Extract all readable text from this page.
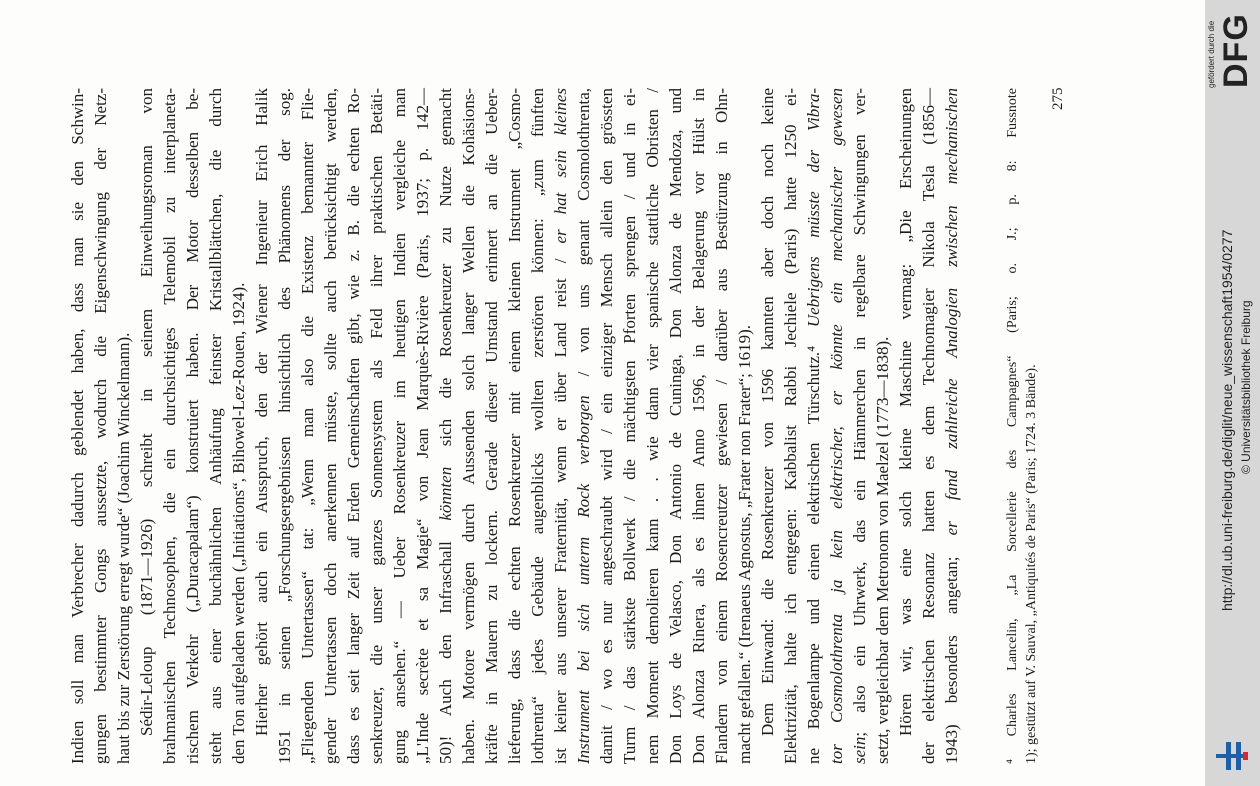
Indien soll man Verbrecher dadurch geblendet haben, dass man sie den Schwin- gungen bestimmter Gongs aussetzte, wodurch die Eigenschwingung der Netz- haut bis zur Zerstörung erregt wurde“ (Joachim Winckelmann). Sédir-Leloup (1871—1926) schreibt in seinem Einweihungsroman von brahmanischen Technosophen, die ein durchsichtiges Telemobil zu interplaneta- rischem Verkehr („Duracapalam“) konstruiert haben. Der Motor desselben be- steht aus einer buchähnlichen Anhäufung feinster Kristallblättchen, die durch den Ton aufgeladen werden („Initiations“, Bihowel-Lez-Rouen, 1924). Hierher gehört auch ein Ausspruch, den der Wiener Ingenieur Erich Halik 1951 in seinen „Forschungsergebnissen hinsichtlich des Phänomens der sog. „Fliegenden Untertassen“ tat: „Wenn man also die Existenz bemannter Flie- gender Untertassen doch anerkennen müsste, sollte auch berücksichtigt werden, dass es seit langer Zeit auf Erden Gemeinschaften gibt, wie z. B. die echten Ro- senkreuzer, die unser ganzes Sonnensystem als Feld ihrer praktischen Betäti- gung ansehen.“ — Ueber Rosenkreuzer im heutigen Indien vergleiche man „L'Inde secrète et sa Magie“ von Jean Marquès-Rivière (Paris, 1937; p. 142— 50)! Auch den Infraschall könnten sich die Rosenkreuzer zu Nutze gemacht haben. Motore vermögen durch Aussenden solch langer Wellen die Kohäsions- kräfte in Mauern zu lockern. Gerade dieser Umstand erinnert an die Ueber- lieferung, dass die echten Rosenkreuzer mit einem kleinen Instrument „Cosmo- lothrenta“ jedes Gebäude augenblicks wollten zerstören können: „zum fünften ist keiner aus unserer Fraternität, wenn er über Land reist / er hat sein kleines
Instrument bei sich unterm Rock verborgen / von uns genant Cosmolothrenta, damit / wo es nur angeschraubt wird / ein einziger Mensch allein den grössten Turm / das stärkste Bollwerk / die mächtigsten Pforten sprengen / und in ei- nem Moment demolieren kann . . wie dann vier spanische stattliche Obristen / Don Loys de Velasco, Don Antonio de Cuninga, Don Alonza de Mendoza, und Don Alonza Rinera, als es ihnen Anno 1596, in der Belagerung vor Hülst in Flandern von einem Rosencreutzer gewiesen / darüber aus Bestürzung in Ohn- macht gefallen.“ (Irenaeus Agnostus, „Frater non Frater“; 1619). Dem Einwand: die Rosenkreuzer von 1596 kannten aber doch noch keine Elektrizität, halte ich entgegen: Kabbalist Rabbi Jechiele (Paris) hatte 1250 ei- ne Bogenlampe und einen elektrischen Türschutz.⁴ Uebrigens müsste der Vibra- tor Cosmolothrenta ja kein elektrischer, er könnte ein mechanischer gewesen sein; also ein Uhrwerk, das ein Hämmerchen in regelbare Schwingungen ver- setzt, vergleichbar dem Metronom von Maelzel (1773—1838). Hören wir, was eine solch kleine Maschine vermag: „Die Erscheinungen der elektrischen Resonanz hatten es dem Technomagier Nikola Tesla (1856— 1943) besonders angetan; er fand zahlreiche Analogien zwischen mechanischen	⁴ Charles Lancelin, „La Sorcellerie des Campagnes“ (Paris; o. J.; p. 8: Fussnote 1); gestützt auf V. Sauval, „Antiquités de Paris“ (Paris; 1724. 3 Bände).
275
http://dl.ub.uni-freiburg.de/diglit/neue_wissenschaft1954/0277 © Universitätsbibliothek Freiburg
gefördert durch die DFG
